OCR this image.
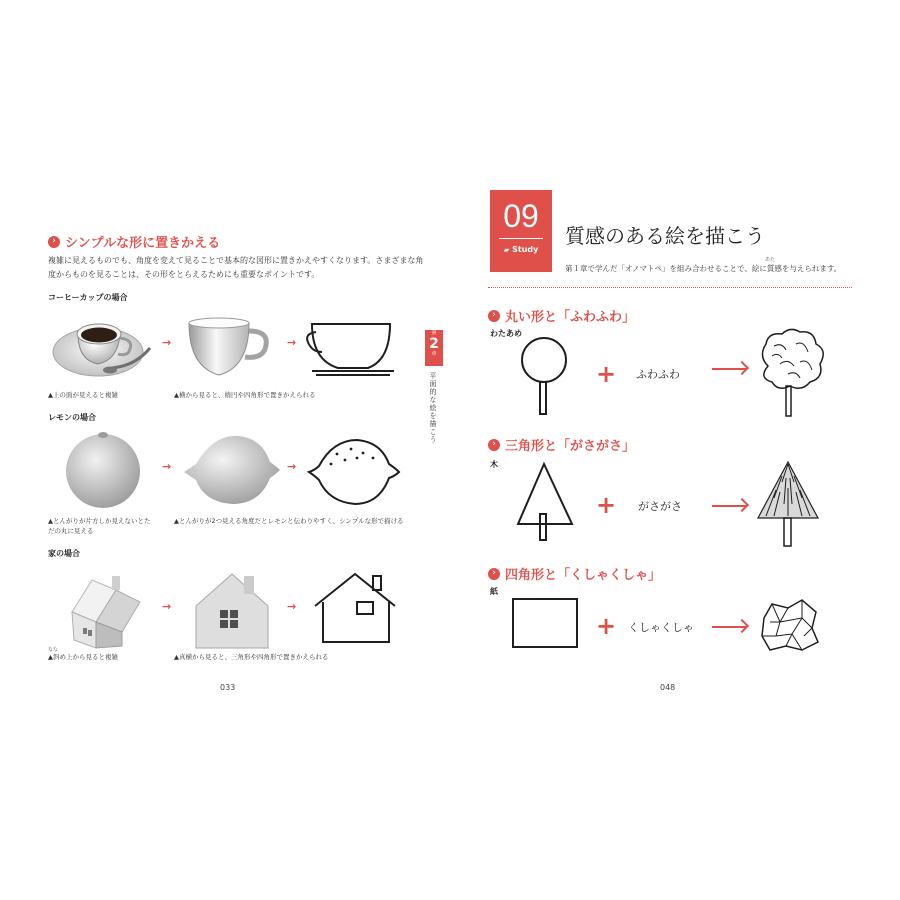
› シンプルな形に置きかえる
複雑に見えるものでも、角度を変えて見ることで基本的な図形に置きかえやすくなります。さまざまな角
度からものを見ることは、その形をとらえるためにも重要なポイントです。
コーヒーカップの場合
→	→
▲上の面が見えると複雑	▲横から見ると、楕円や四角形で置きかえられる
レモンの場合
→	→
▲とんがりが片方しか見えないとた
だの丸に見える
▲とんがりが2つ見える角度だとレモンと伝わりやすく、シンプルな形で描ける
家の場合
→	→
なな
▲斜め上から見ると複雑	▲真横から見ると、三角形や四角形で置きかえられる
033
第
2
章
平面的な絵を描こう
09
▰ Study
質感のある絵を描こう
あた
第１章で学んだ「オノマトペ」を組み合わせることで、絵に質感を与えられます。
› 丸い形と「ふわふわ」
わたあめ
+ ふわふわ
› 三角形と「がさがさ」
木
+ がさがさ
› 四角形と「くしゃくしゃ」
紙
+ くしゃくしゃ
048
